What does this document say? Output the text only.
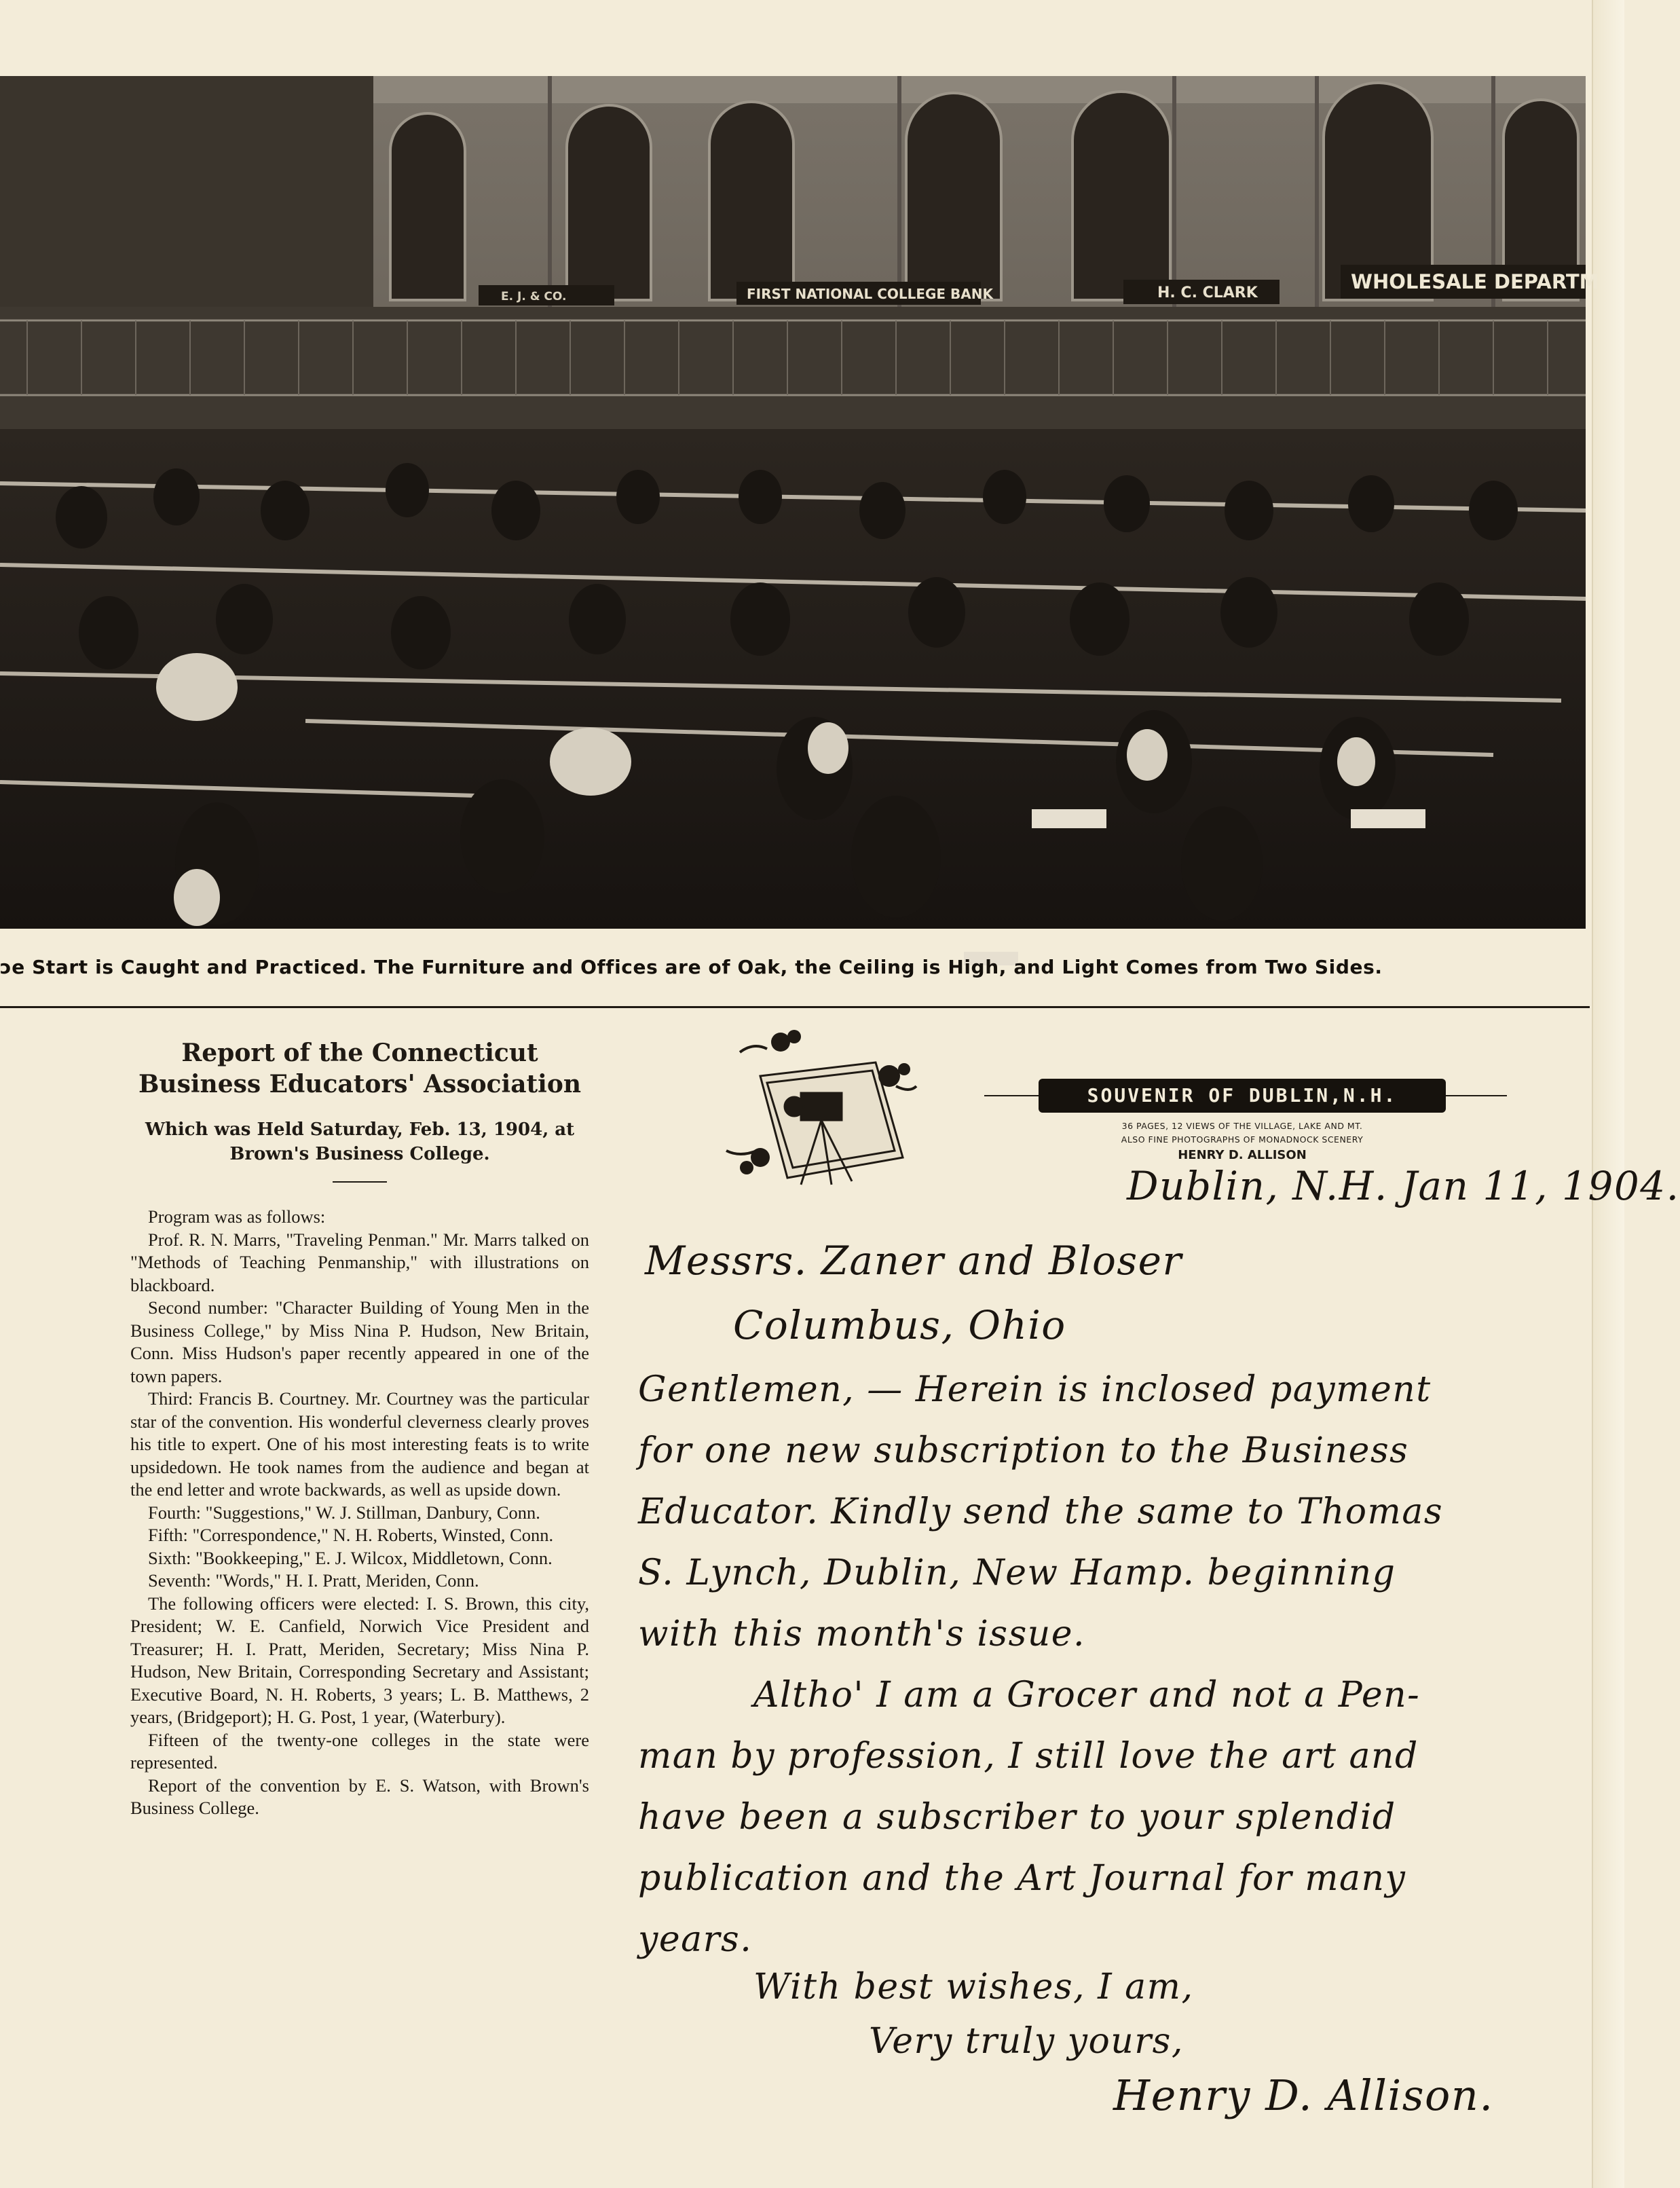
FIRST NATIONAL COLLEGE BANK	H. C. CLARK	WHOLESALE DEPARTM
E. J. & CO.
ɔe Start is Caught and Practiced. The Furniture and Offices are of Oak, the Ceiling is High, and Light Comes from Two Sides.
Report of the Connecticut Business Educators' Association
Which was Held Saturday, Feb. 13, 1904, at Brown's Business College.

Program was as follows:

Prof. R. N. Marrs, "Traveling Penman." Mr. Marrs talked on "Methods of Teaching Penmanship," with illustrations on blackboard.

Second number: "Character Building of Young Men in the Business College," by Miss Nina P. Hudson, New Britain, Conn. Miss Hudson's paper recently appeared in one of the town papers.

Third: Francis B. Courtney. Mr. Courtney was the particular star of the convention. His wonderful cleverness clearly proves his title to expert. One of his most interesting feats is to write upsidedown. He took names from the audience and began at the end letter and wrote backwards, as well as upside down.

Fourth: "Suggestions," W. J. Stillman, Danbury, Conn.

Fifth: "Correspondence," N. H. Roberts, Winsted, Conn.

Sixth: "Bookkeeping," E. J. Wilcox, Middletown, Conn.

Seventh: "Words," H. I. Pratt, Meriden, Conn.

The following officers were elected: I. S. Brown, this city, President; W. E. Canfield, Norwich Vice President and Treasurer; H. I. Pratt, Meriden, Secretary; Miss Nina P. Hudson, New Britain, Corresponding Secretary and Assistant; Executive Board, N. H. Roberts, 3 years; L. B. Matthews, 2 years, (Bridgeport); H. G. Post, 1 year, (Waterbury).

Fifteen of the twenty-one colleges in the state were represented.

Report of the convention by E. S. Watson, with Brown's Business College.

SOUVENIR OF DUBLIN,N.H.
36 PAGES, 12 VIEWS OF THE VILLAGE, LAKE AND MT.
ALSO FINE PHOTOGRAPHS OF MONADNOCK SCENERY
HENRY D. ALLISON
Dublin, N.H. Jan 11, 1904.
Messrs. Zaner and Bloser
Columbus, Ohio
Gentlemen, — Herein is inclosed payment
for one new subscription to the Business
Educator. Kindly send the same to Thomas
S. Lynch, Dublin, New Hamp. beginning
with this month's issue.
Altho' I am a Grocer and not a Pen-
man by profession, I still love the art and
have been a subscriber to your splendid
publication and the Art Journal for many
years.
With best wishes, I am,
Very truly yours,
Henry D. Allison.
